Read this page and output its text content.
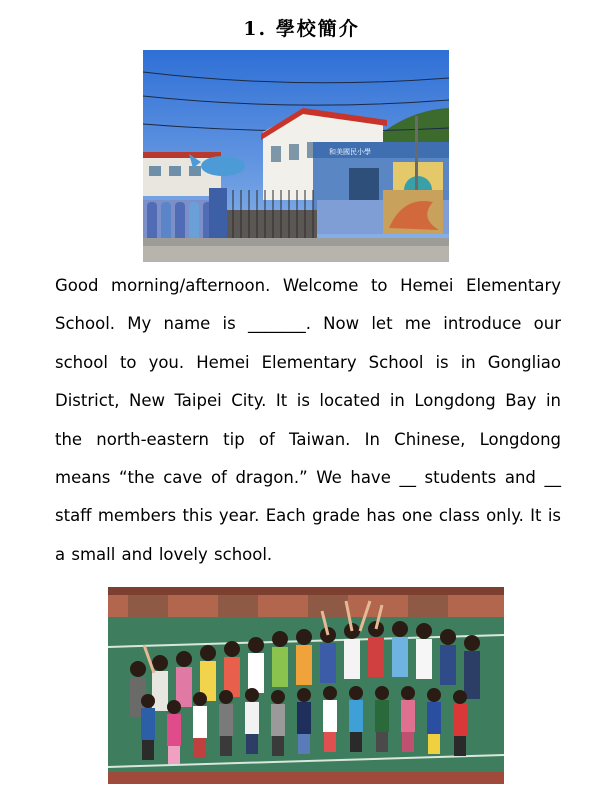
1. 學校簡介
和美國民小學

Good morning/afternoon. Welcome to Hemei Elementary School. My name is _______. Now let me introduce our school to you. Hemei Elementary School is in Gongliao District, New Taipei City. It is located in Longdong Bay in the north-eastern tip of Taiwan. In Chinese, Longdong means “the cave of dragon.” We have __ students and __ staff members this year. Each grade has one class only. It is a small and lovely school.
